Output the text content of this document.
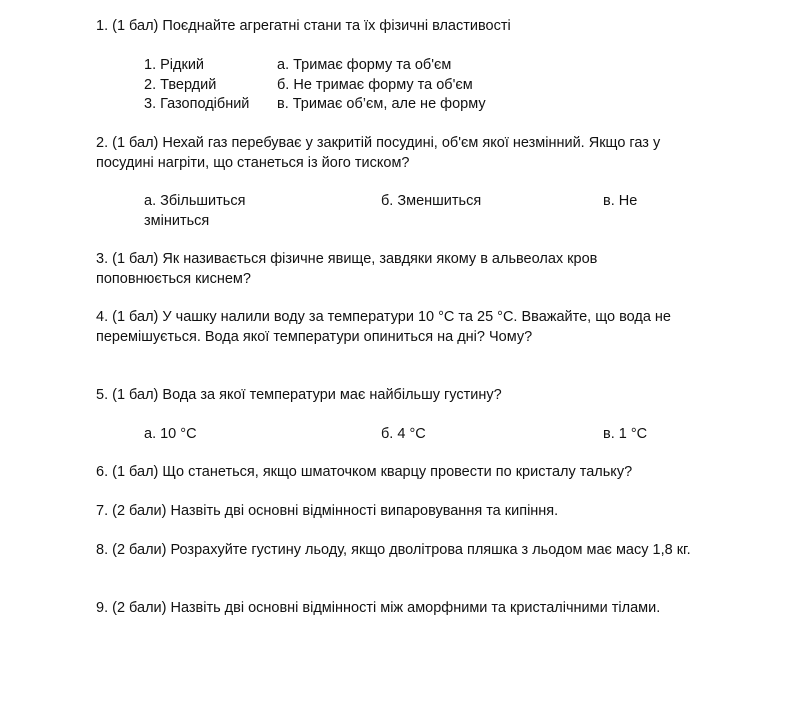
1. (1 бал) Поєднайте агрегатні стани та їх фізичні властивості

1. Рідкий
2. Твердий
3. Газоподібний
а. Тримає форму та об'єм
б. Не тримає форму та об'єм
в. Тримає об’єм, але не форму

2. (1 бал) Нехай газ перебуває у закритій посудині, об'єм якої незмінний. Якщо газ у посудині нагріти, що станеться із його тиском?

а. Збільшиться	б. Зменшиться	в. Не зміниться

3. (1 бал) Як називається фізичне явище, завдяки якому в альвеолах кров поповнюється киснем?

4. (1 бал) У чашку налили воду за температури 10 °C та 25 °C. Вважайте, що вода не перемішується. Вода якої температури опиниться на дні? Чому?

5. (1 бал) Вода за якої температури має найбільшу густину?

а. 10 °C	б. 4 °C	в. 1 °C

6. (1 бал) Що станеться, якщо шматочком кварцу провести по кристалу тальку?

7. (2 бали) Назвіть дві основні відмінності випаровування та кипіння.

8. (2 бали) Розрахуйте густину льоду, якщо дволітрова пляшка з льодом має масу 1,8 кг.

9. (2 бали) Назвіть дві основні відмінності між аморфними та кристалічними тілами.
